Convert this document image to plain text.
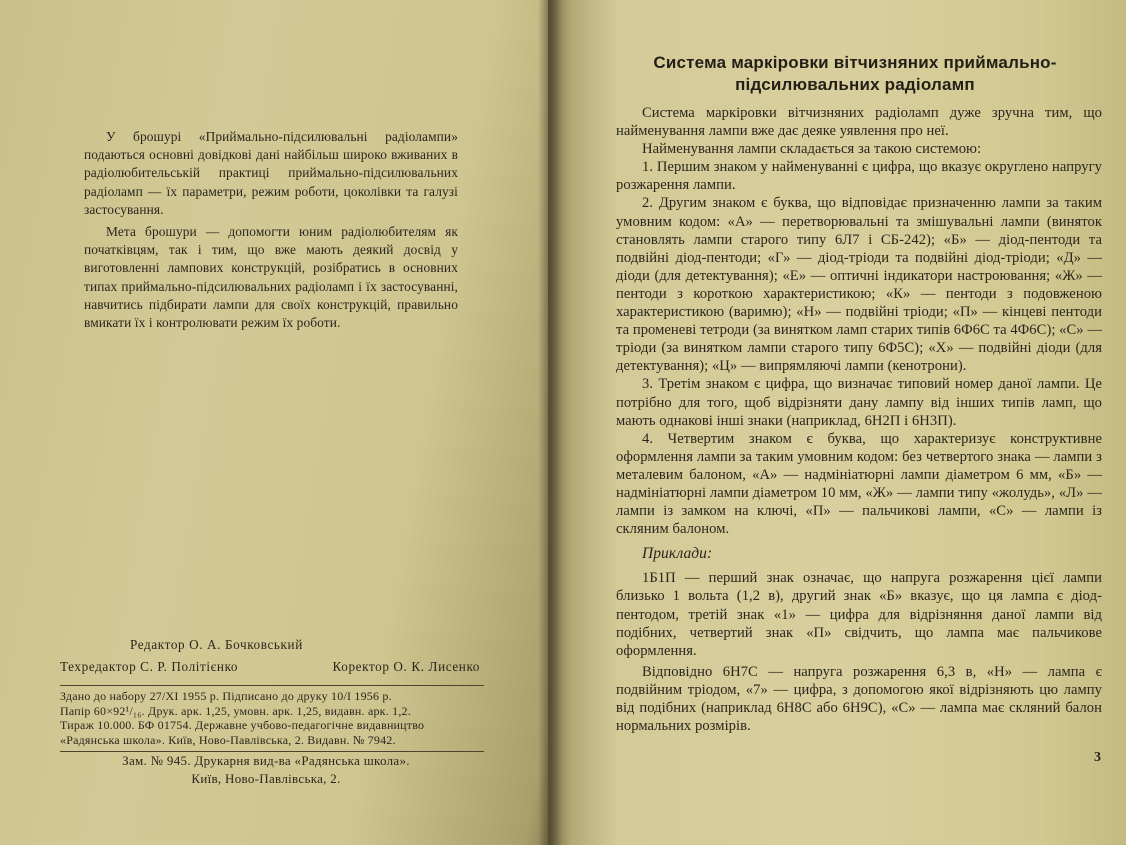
У брошурі «Приймально-підсилювальні радіолампи» подаються основні довідкові дані найбільш широко вживаних в радіолюбительській практиці приймально-підсилювальних радіоламп — їх параметри, режим роботи, цоколівки та галузі застосування.

Мета брошури — допомогти юним радіолюбителям як початківцям, так і тим, що вже мають деякий досвід у виготовленні лампових конструкцій, розібратись в основних типах приймально-підсилювальних радіоламп і їх застосуванні, навчитись підбирати лампи для своїх конструкцій, правильно вмикати їх і контролювати режим їх роботи.

Редактор О. А. Бочковський
Техредактор С. Р. Політієнко	Коректор О. К. Лисенко
Здано до набору 27/XI 1955 р. Підписано до друку 10/I 1956 р.
Папір 60×92¹/₁₆. Друк. арк. 1,25, умовн. арк. 1,25, видавн. арк. 1,2.
Тираж 10.000. БФ 01754. Державне учбово-педагогічне видавництво
«Радянська школа». Київ, Ново-Павлівська, 2. Видавн. № 7942.
Зам. № 945. Друкарня вид-ва «Радянська школа».
Київ, Ново-Павлівська, 2.
Система маркіровки вітчизняних приймально-підсилювальних радіоламп

Система маркіровки вітчизняних радіоламп дуже зручна тим, що найменування лампи вже дає деяке уявлення про неї.

Найменування лампи складається за такою системою:

1. Першим знаком у найменуванні є цифра, що вказує округлено напругу розжарення лампи.

2. Другим знаком є буква, що відповідає призначенню лампи за таким умовним кодом: «А» — перетворювальні та змішувальні лампи (виняток становлять лампи старого типу 6Л7 і СБ-242); «Б» — діод-пентоди та подвійні діод-пентоди; «Г» — діод-тріоди та подвійні діод-тріоди; «Д» — діоди (для детектування); «Е» — оптичні індикатори настроювання; «Ж» — пентоди з короткою характеристикою; «К» — пентоди з подовженою характеристикою (варимю); «Н» — подвійні тріоди; «П» — кінцеві пентоди та променеві тетроди (за винятком ламп старих типів 6Ф6С та 4Ф6С); «С» — тріоди (за винятком лампи старого типу 6Ф5С); «Х» — подвійні діоди (для детектування); «Ц» — випрямляючі лампи (кенотрони).

3. Третім знаком є цифра, що визначає типовий номер даної лампи. Це потрібно для того, щоб відрізняти дану лампу від інших типів ламп, що мають однакові інші знаки (наприклад, 6Н2П і 6Н3П).

4. Четвертим знаком є буква, що характеризує конструктивне оформлення лампи за таким умовним кодом: без четвертого знака — лампи з металевим балоном, «А» — надмініатюрні лампи діаметром 6 мм, «Б» — надмініатюрні лампи діаметром 10 мм, «Ж» — лампи типу «жолудь», «Л» — лампи із замком на ключі, «П» — пальчикові лампи, «С» — лампи із скляним балоном.

Приклади:

1Б1П — перший знак означає, що напруга розжарення цієї лампи близько 1 вольта (1,2 в), другий знак «Б» вказує, що ця лампа є діод-пентодом, третій знак «1» — цифра для відрізняння даної лампи від подібних, четвертий знак «П» свідчить, що лампа має пальчикове оформлення.

Відповідно 6Н7С — напруга розжарення 6,3 в, «Н» — лампа є подвійним тріодом, «7» — цифра, з допомогою якої відрізняють цю лампу від подібних (наприклад 6Н8С або 6Н9С), «С» — лампа має скляний балон нормальних розмірів.

3
